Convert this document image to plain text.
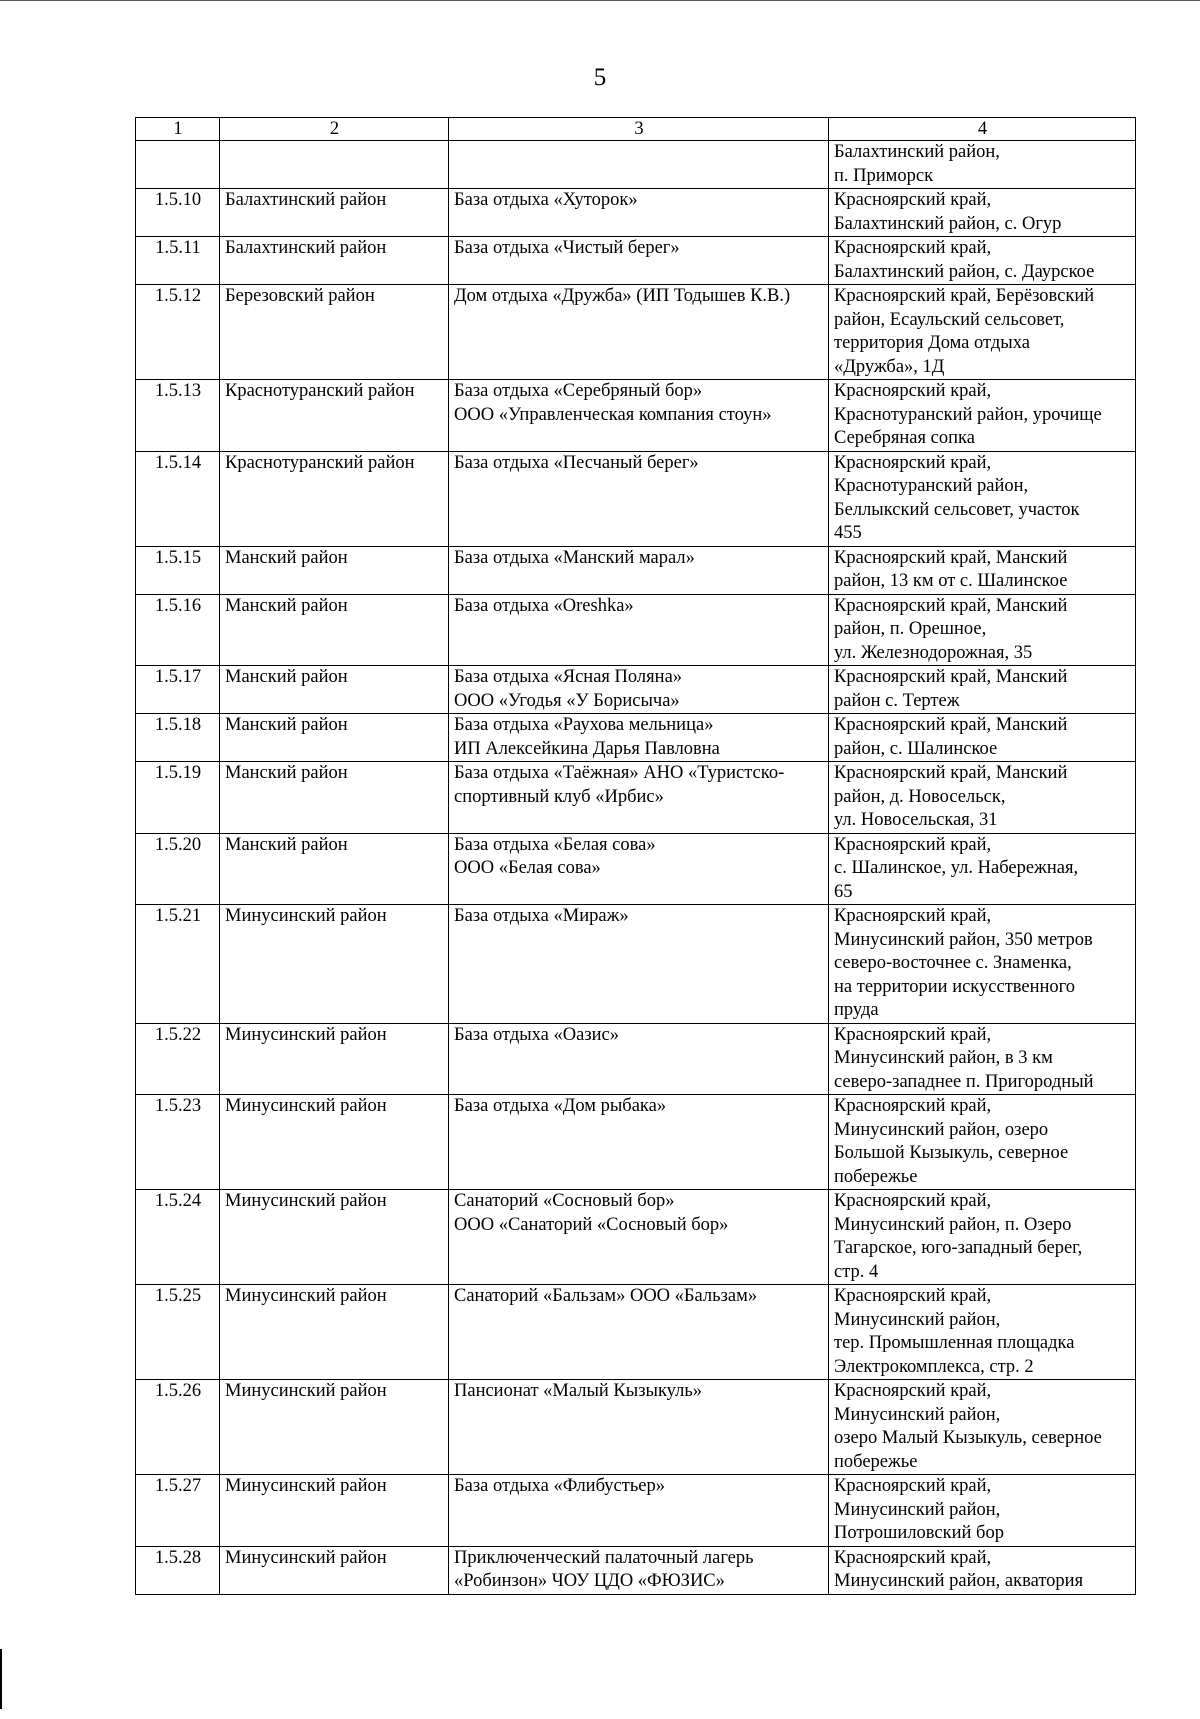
5
1	2	3	4

			Балахтинский район,
п. Приморск

1.5.10	Балахтинский район	База отдыха «Хуторок»	Красноярский край,
Балахтинский район, с. Огур

1.5.11	Балахтинский район	База отдыха «Чистый берег»	Красноярский край,
Балахтинский район, с. Даурское

1.5.12	Березовский район	Дом отдыха «Дружба» (ИП Тодышев К.В.)	Красноярский край, Берёзовский
район, Есаульский сельсовет,
территория Дома отдыха
«Дружба», 1Д

1.5.13	Краснотуранский район	База отдыха «Серебряный бор»
ООО «Управленческая компания стоун»	Красноярский край,
Краснотуранский район, урочище
Серебряная сопка

1.5.14	Краснотуранский район	База отдыха «Песчаный берег»	Красноярский край,
Краснотуранский район,
Беллыкский сельсовет, участок
455

1.5.15	Манский район	База отдыха «Манский марал»	Красноярский край, Манский
район, 13 км от с. Шалинское

1.5.16	Манский район	База отдыха «Oreshka»	Красноярский край, Манский
район, п. Орешное,
ул. Железнодорожная, 35

1.5.17	Манский район	База отдыха «Ясная Поляна»
ООО «Угодья «У Борисыча»	Красноярский край, Манский
район с. Тертеж

1.5.18	Манский район	База отдыха «Раухова мельница»
ИП Алексейкина Дарья Павловна	Красноярский край, Манский
район, с. Шалинское

1.5.19	Манский район	База отдыха «Таёжная» АНО «Туристско-
спортивный клуб «Ирбис»	Красноярский край, Манский
район, д. Новосельск,
ул. Новосельская, 31

1.5.20	Манский район	База отдыха «Белая сова»
ООО «Белая сова»	Красноярский край,
с. Шалинское, ул. Набережная,
65

1.5.21	Минусинский район	База отдыха «Мираж»	Красноярский край,
Минусинский район, 350 метров
северо-восточнее с. Знаменка,
на территории искусственного
пруда

1.5.22	Минусинский район	База отдыха «Оазис»	Красноярский край,
Минусинский район, в 3 км
северо-западнее п. Пригородный

1.5.23	Минусинский район	База отдыха «Дом рыбака»	Красноярский край,
Минусинский район, озеро
Большой Кызыкуль, северное
побережье

1.5.24	Минусинский район	Санаторий «Сосновый бор»
ООО «Санаторий «Сосновый бор»	Красноярский край,
Минусинский район, п. Озеро
Тагарское, юго-западный берег,
стр. 4

1.5.25	Минусинский район	Санаторий «Бальзам» ООО «Бальзам»	Красноярский край,
Минусинский район,
тер. Промышленная площадка
Электрокомплекса, стр. 2

1.5.26	Минусинский район	Пансионат «Малый Кызыкуль»	Красноярский край,
Минусинский район,
озеро Малый Кызыкуль, северное
побережье

1.5.27	Минусинский район	База отдыха «Флибустьер»	Красноярский край,
Минусинский район,
Потрошиловский бор

1.5.28	Минусинский район	Приключенческий палаточный лагерь
«Робинзон» ЧОУ ЦДО «ФЮЗИС»	Красноярский край,
Минусинский район, акватория
